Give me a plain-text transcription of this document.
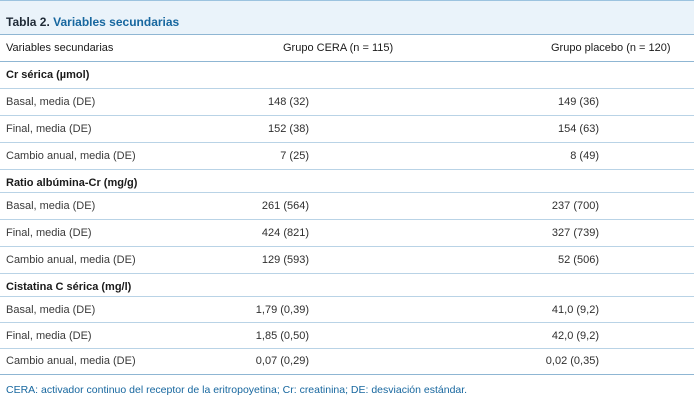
Tabla 2. Variables secundarias
Variables secundarias	Grupo CERA (n = 115)	Grupo placebo (n = 120)
Cr sérica (µmol)
Basal, media (DE)	148 (32)	149 (36)
Final, media (DE)	152 (38)	154 (63)
Cambio anual, media (DE)	7 (25)	8 (49)
Ratio albúmina-Cr (mg/g)
Basal, media (DE)	261 (564)	237 (700)
Final, media (DE)	424 (821)	327 (739)
Cambio anual, media (DE)	129 (593)	52 (506)
Cistatina C sérica (mg/l)
Basal, media (DE)	1,79 (0,39)	41,0 (9,2)
Final, media (DE)	1,85 (0,50)	42,0 (9,2)
Cambio anual, media (DE)	0,07 (0,29)	0,02 (0,35)
CERA: activador continuo del receptor de la eritropoyetina; Cr: creatinina; DE: desviación estándar.
